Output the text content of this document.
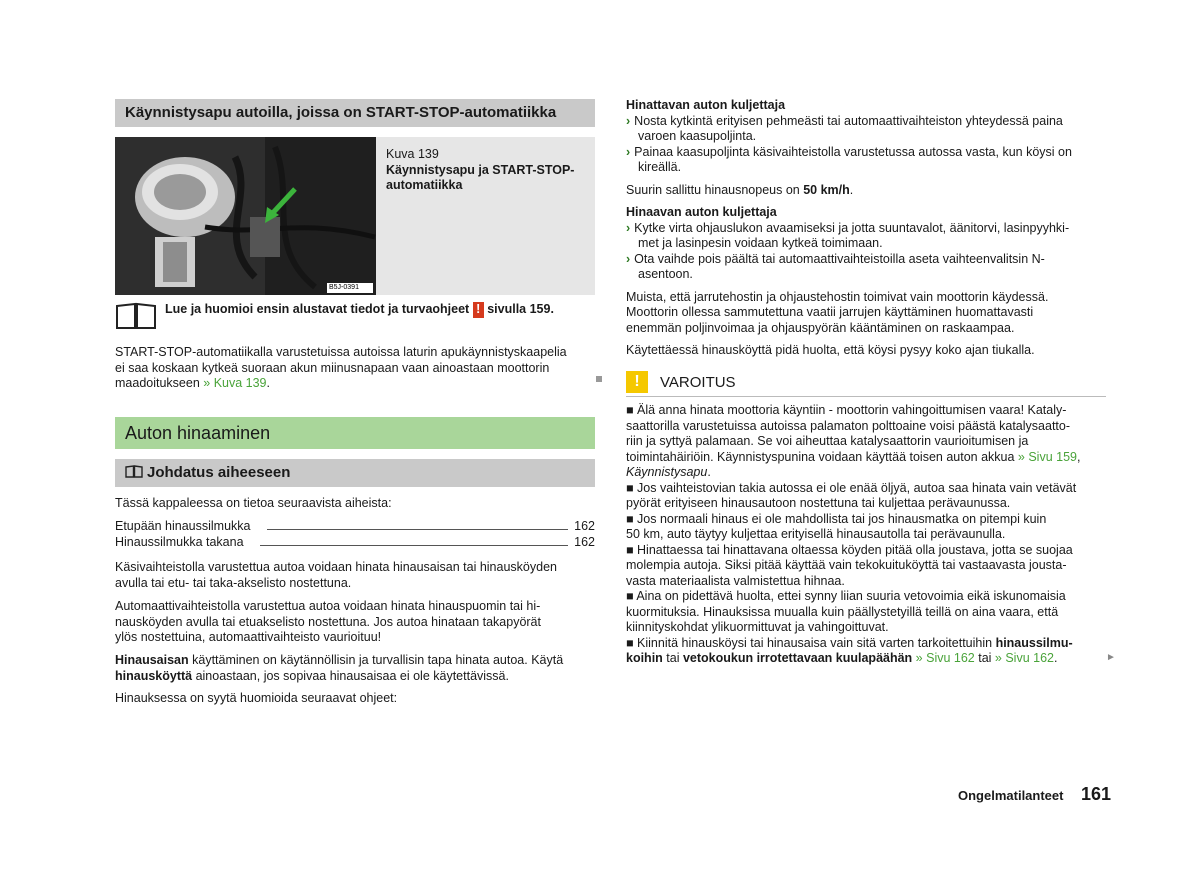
Käynnistysapu autoilla, joissa on START-STOP-automatiikka
B5J-0391

Kuva 139

Käynnistysapu ja START-STOP-

automatiikka

Lue ja huomioi ensin alustavat tiedot ja turvaohjeet ! sivulla 159.

START-STOP-automatiikalla varustetuissa autoissa laturin apukäynnistyskaapelia

ei saa koskaan kytkeä suoraan akun miinusnapaan vaan ainoastaan moottorin

maadoitukseen » Kuva 139.

Auton hinaaminen
Johdatus aiheeseen
Tässä kappaleessa on tietoa seuraavista aiheista:
Etupään hinaussilmukka	162
Hinaussilmukka takana	162

Käsivaihteistolla varustettua autoa voidaan hinata hinausaisan tai hinausköyden

avulla tai etu- tai taka-akselisto nostettuna.

Automaattivaihteistolla varustettua autoa voidaan hinata hinauspuomin tai hi-

nausköyden avulla tai etuakselisto nostettuna. Jos autoa hinataan takapyörät

ylös nostettuina, automaattivaihteisto vaurioituu!

Hinausaisan käyttäminen on käytännöllisin ja turvallisin tapa hinata autoa. Käytä

hinausköyttä ainoastaan, jos sopivaa hinausaisaa ei ole käytettävissä.

Hinauksessa on syytä huomioida seuraavat ohjeet:

Hinattavan auton kuljettaja

› Nosta kytkintä erityisen pehmeästi tai automaattivaihteiston yhteydessä paina
varoen kaasupoljinta.
› Painaa kaasupoljinta käsivaihteistolla varustetussa autossa vasta, kun köysi on
kireällä.

Suurin sallittu hinausnopeus on 50 km/h.

Hinaavan auton kuljettaja

› Kytke virta ohjauslukon avaamiseksi ja jotta suuntavalot, äänitorvi, lasinpyyhki-
met ja lasinpesin voidaan kytkeä toimimaan.
› Ota vaihde pois päältä tai automaattivaihteistoilla aseta vaihteenvalitsin N-
asentoon.

Muista, että jarrutehostin ja ohjaustehostin toimivat vain moottorin käydessä.

Moottorin ollessa sammutettuna vaatii jarrujen käyttäminen huomattavasti

enemmän poljinvoimaa ja ohjauspyörän kääntäminen on raskaampaa.

Käytettäessä hinausköyttä pidä huolta, että köysi pysyy koko ajan tiukalla.

!	VAROITUS

■ Älä anna hinata moottoria käyntiin - moottorin vahingoittumisen vaara! Kataly-

saattorilla varustetuissa autoissa palamaton polttoaine voisi päästä katalysaatto-

riin ja syttyä palamaan. Se voi aiheuttaa katalysaattorin vaurioitumisen ja

toimintahäiriöin. Käynnistyspunina voidaan käyttää toisen auton akkua » Sivu 159,

Käynnistysapu.

■ Jos vaihteistovian takia autossa ei ole enää öljyä, autoa saa hinata vain vetävät

pyörät erityiseen hinausautoon nostettuna tai kuljettaa perävaunussa.

■ Jos normaali hinaus ei ole mahdollista tai jos hinausmatka on pitempi kuin

50 km, auto täytyy kuljettaa erityisellä hinausautolla tai perävaunulla.

■ Hinattaessa tai hinattavana oltaessa köyden pitää olla joustava, jotta se suojaa

molempia autoja. Siksi pitää käyttää vain tekokuituköyttä tai vastaavasta jousta-

vasta materiaalista valmistettua hihnaa.

■ Aina on pidettävä huolta, ettei synny liian suuria vetovoimia eikä iskunomaisia

kuormituksia. Hinauksissa muualla kuin päällystetyillä teillä on aina vaara, että

kiinnityskohdat ylikuormittuvat ja vahingoittuvat.

■ Kiinnitä hinausköysi tai hinausaisa vain sitä varten tarkoitettuihin hinaussilmu-

koihin tai vetokoukun irrotettavaan kuulapäähän » Sivu 162 tai » Sivu 162.	►
Ongelmatilanteet 161
